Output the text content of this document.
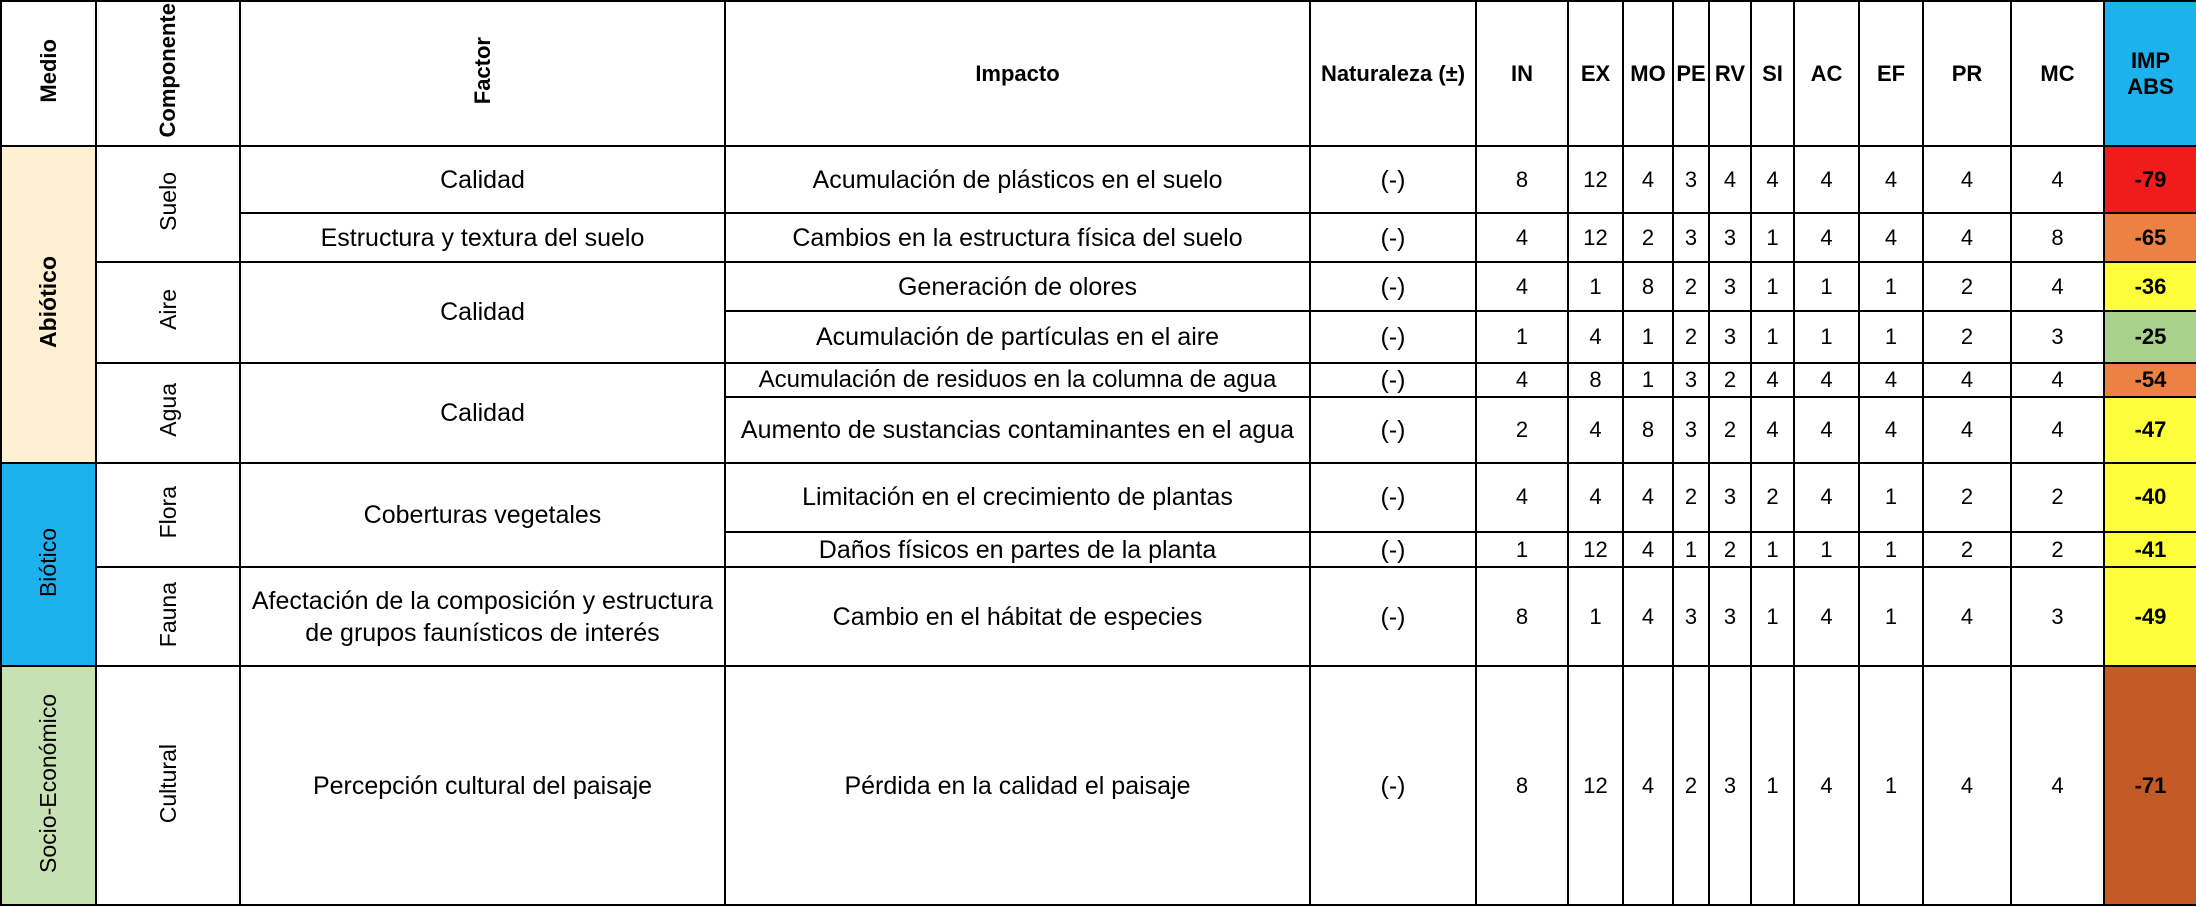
Medio	Componente	Factor	Impacto	Naturaleza (±)	IN	EX	MO	PE	RV	SI	AC	EF	PR	MC	IMP
ABS
Abiótico	Suelo	Calidad	Acumulación de plásticos en el suelo	(-)	8	12	4	3	4	4	4	4	4	4	-79
		Estructura y textura del suelo	Cambios en la estructura física del suelo	(-)	4	12	2	3	3	1	4	4	4	8	-65
	Aire	Calidad	Generación de olores	(-)	4	1	8	2	3	1	1	1	2	4	-36
			Acumulación de partículas en el aire	(-)	1	4	1	2	3	1	1	1	2	3	-25
	Agua	Calidad	Acumulación de residuos en la columna de agua	(-)	4	8	1	3	2	4	4	4	4	4	-54
			Aumento de sustancias contaminantes en el agua	(-)	2	4	8	3	2	4	4	4	4	4	-47
Biótico	Flora	Coberturas vegetales	Limitación en el crecimiento de plantas	(-)	4	4	4	2	3	2	4	1	2	2	-40
			Daños físicos en partes de la planta	(-)	1	12	4	1	2	1	1	1	2	2	-41
	Fauna	Afectación de la composición y estructura de grupos faunísticos de interés	Cambio en el hábitat de especies	(-)	8	1	4	3	3	1	4	1	4	3	-49
Socio-Económico	Cultural	Percepción cultural del paisaje	Pérdida en la calidad el paisaje	(-)	8	12	4	2	3	1	4	1	4	4	-71
